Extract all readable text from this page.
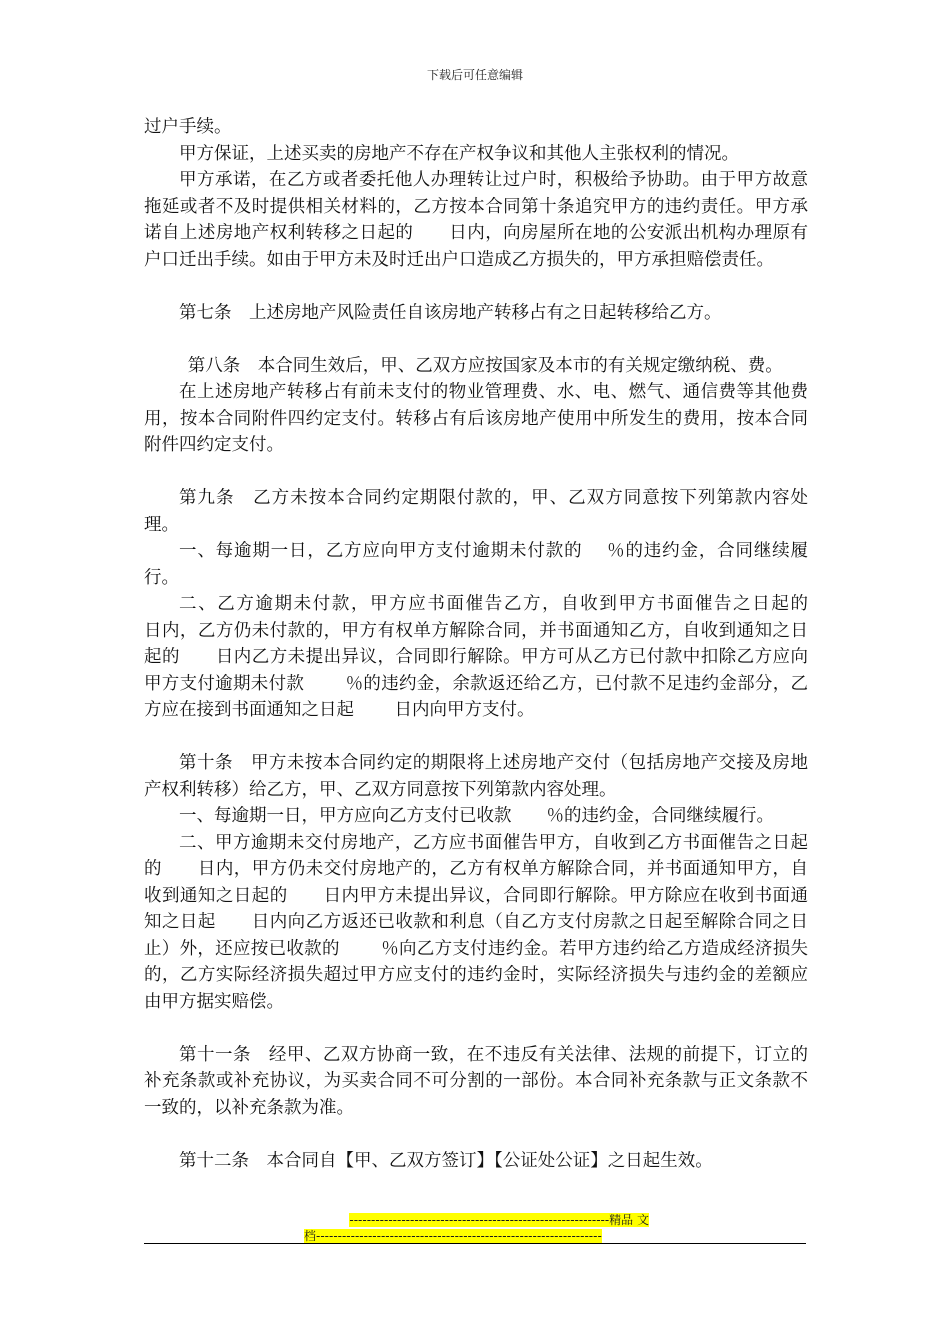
下载后可任意编辑

过户手续。

甲方保证，上述买卖的房地产不存在产权争议和其他人主张权利的情况。

甲方承诺，在乙方或者委托他人办理转让过户时，积极给予协助。由于甲方故意拖延或者不及时提供相关材料的，乙方按本合同第十条追究甲方的违约责任。甲方承诺自上述房地产权利转移之日起的　　日内，向房屋所在地的公安派出机构办理原有户口迁出手续。如由于甲方未及时迁出户口造成乙方损失的，甲方承担赔偿责任。

第七条　上述房地产风险责任自该房地产转移占有之日起转移给乙方。

第八条　本合同生效后，甲、乙双方应按国家及本市的有关规定缴纳税、费。

在上述房地产转移占有前未支付的物业管理费、水、电、燃气、通信费等其他费用，按本合同附件四约定支付。转移占有后该房地产使用中所发生的费用，按本合同附件四约定支付。

第九条　乙方未按本合同约定期限付款的，甲、乙双方同意按下列第款内容处理。

一、每逾期一日，乙方应向甲方支付逾期未付款的　 ％的违约金，合同继续履行。

二、乙方逾期未付款，甲方应书面催告乙方，自收到甲方书面催告之日起的　　日内，乙方仍未付款的，甲方有权单方解除合同，并书面通知乙方，自收到通知之日起的　　日内乙方未提出异议，合同即行解除。甲方可从乙方已付款中扣除乙方应向甲方支付逾期未付款　　 ％的违约金，余款返还给乙方，已付款不足违约金部分，乙方应在接到书面通知之日起　　 日内向甲方支付。

第十条　甲方未按本合同约定的期限将上述房地产交付（包括房地产交接及房地产权利转移）给乙方，甲、乙双方同意按下列第款内容处理。

一、每逾期一日，甲方应向乙方支付已收款　　％的违约金，合同继续履行。

二、甲方逾期未交付房地产，乙方应书面催告甲方，自收到乙方书面催告之日起的　　日内，甲方仍未交付房地产的，乙方有权单方解除合同，并书面通知甲方，自收到通知之日起的　　日内甲方未提出异议，合同即行解除。甲方除应在收到书面通知之日起　　日内向乙方返还已收款和利息（自乙方支付房款之日起至解除合同之日止）外，还应按已收款的　　 ％向乙方支付违约金。若甲方违约给乙方造成经济损失的，乙方实际经济损失超过甲方应支付的违约金时，实际经济损失与违约金的差额应由甲方据实赔偿。

第十一条　经甲、乙双方协商一致，在不违反有关法律、法规的前提下，订立的补充条款或补充协议，为买卖合同不可分割的一部份。本合同补充条款与正文条款不一致的，以补充条款为准。

第十二条　本合同自【甲、乙双方签订】【公证处公证】之日起生效。

------------------------------------------------------------精品 文
档------------------------------------------------------------------
